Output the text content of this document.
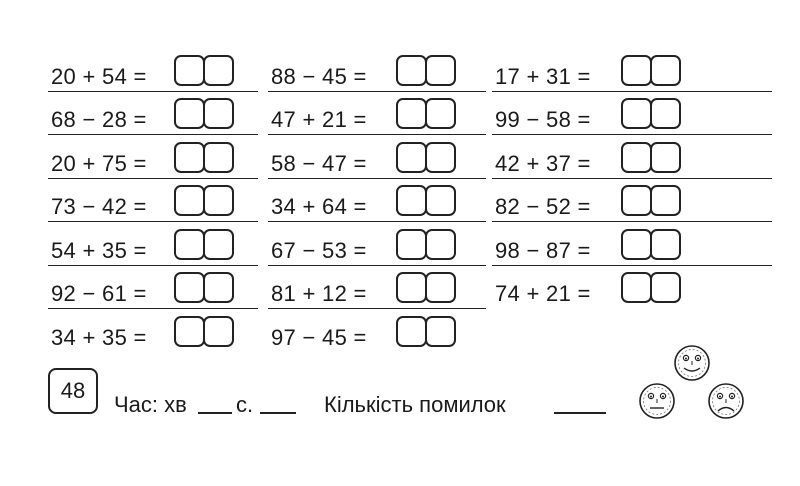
20 + 54 =
68 − 28 =
20 + 75 =
73 − 42 =
54 + 35 =
92 − 61 =
34 + 35 =
88 − 45 =
47 + 21 =
58 − 47 =
34 + 64 =
67 − 53 =
81 + 12 =
97 − 45 =
17 + 31 =
99 − 58 =
42 + 37 =
82 − 52 =
98 − 87 =
74 + 21 =
48
Час: хв с.	Кількість помилок
